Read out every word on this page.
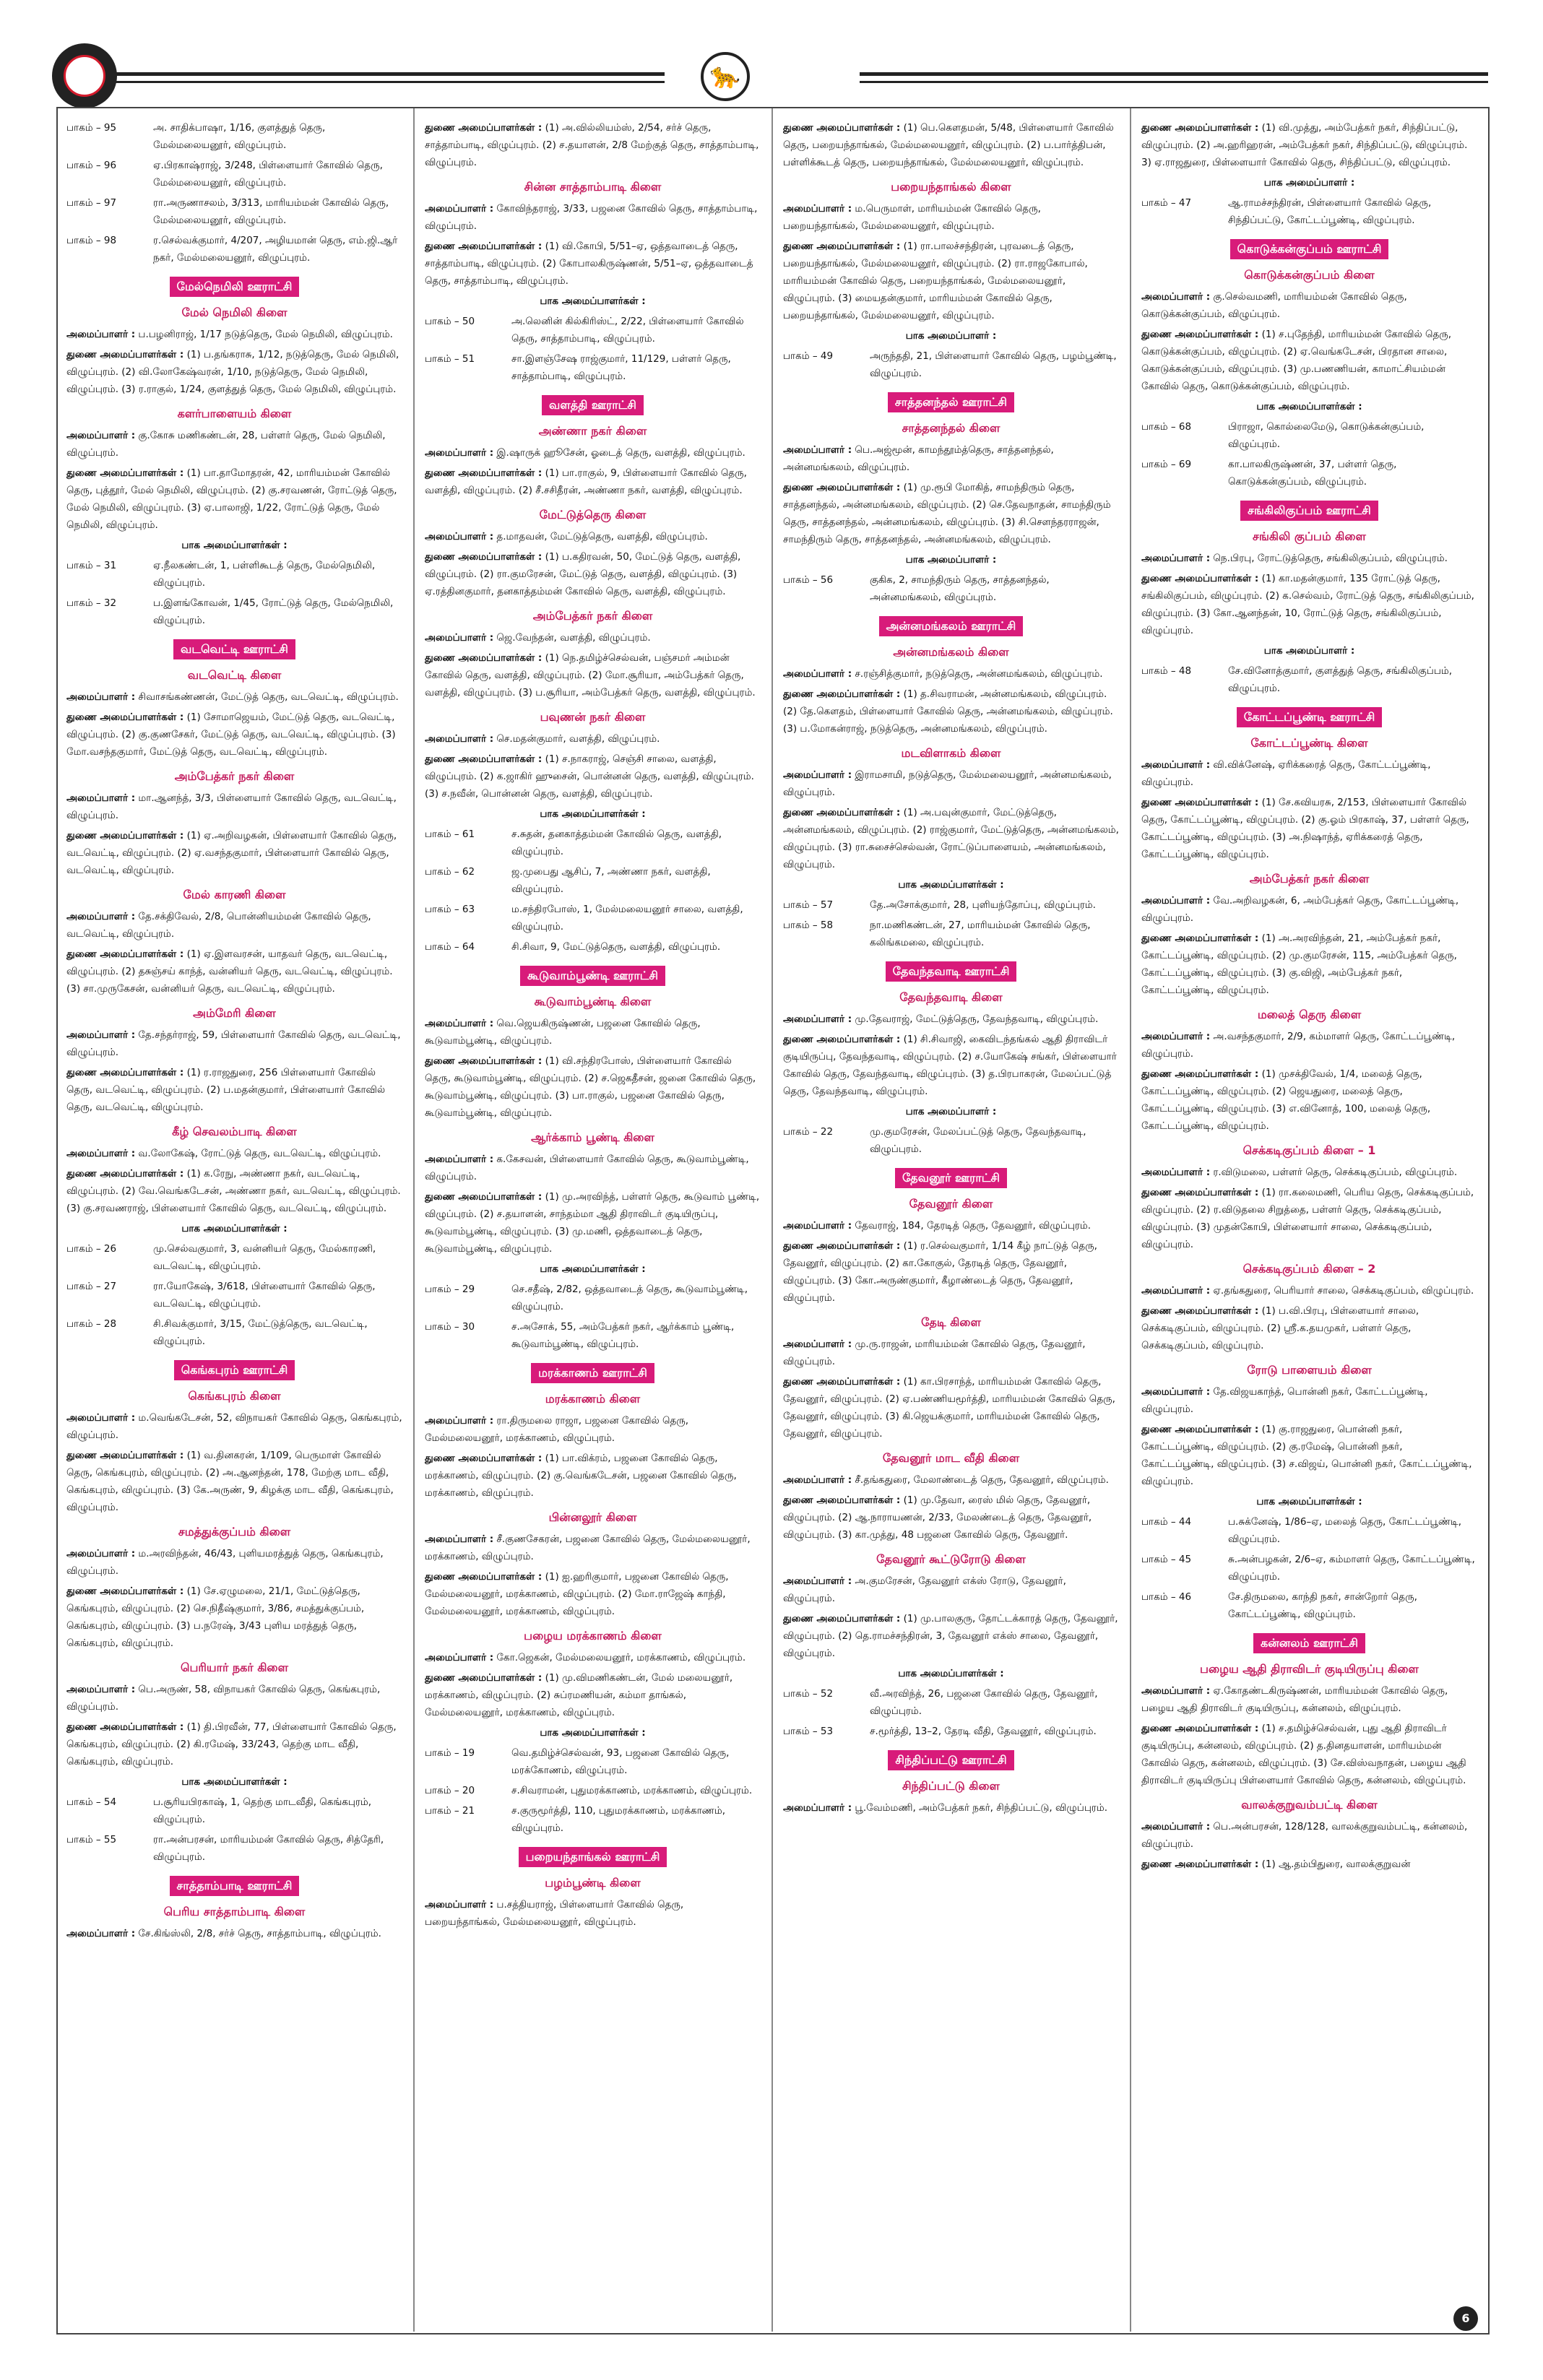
🐆
பாகம் – 95	அ. சாதிக்பாஷா, 1/16, குளத்துத் தெரு, மேல்மலையனூர், விழுப்புரம்.
பாகம் – 96	ஏ.பிரகாஷ்ராஜ், 3/248, பிள்ளையார் கோவில் தெரு, மேல்மலையனூர், விழுப்புரம்.
பாகம் – 97	ரா.அருணாசலம், 3/313, மாரியம்மன் கோவில் தெரு, மேல்மலையனூர், விழுப்புரம்.
பாகம் – 98	ர.செல்வக்குமார், 4/207, அழியமான் தெரு, எம்.ஜி.ஆர் நகர், மேல்மலையனூர், விழுப்புரம்.
மேல்நெமிலி ஊராட்சி
மேல் நெமிலி கிளை

அமைப்பாளர் : ப.பழனிராஜ், 1/17 நடுத்தெரு, மேல் நெமிலி, விழுப்புரம்.

துணை அமைப்பாளர்கள் : (1) ப.தங்கராசு, 1/12, நடுத்தெரு, மேல் நெமிலி, விழுப்புரம். (2) வி.லோகேஷ்வரன், 1/10, நடுத்தெரு, மேல் நெமிலி, விழுப்புரம். (3) ர.ராகுல், 1/24, குளத்துத் தெரு, மேல் நெமிலி, விழுப்புரம்.

களர்பாளையம் கிளை

அமைப்பாளர் : கு.கோசு மணிகண்டன், 28, பள்ளர் தெரு, மேல் நெமிலி, விழுப்புரம்.

துணை அமைப்பாளர்கள் : (1) பா.தாமோதரன், 42, மாரியம்மன் கோவில் தெரு, புத்தூர், மேல் நெமிலி, விழுப்புரம். (2) கு.சரவணன், ரோட்டுத் தெரு, மேல் நெமிலி, விழுப்புரம். (3) ஏ.பாலாஜி, 1/22, ரோட்டுத் தெரு, மேல் நெமிலி, விழுப்புரம்.

பாக அமைப்பாளர்கள் :
பாகம் – 31	ஏ.நீலகண்டன், 1, பள்ளிகூடத் தெரு, மேல்நெமிலி, விழுப்புரம்.
பாகம் – 32	ப.இளங்கோவன், 1/45, ரோட்டுத் தெரு, மேல்நெமிலி, விழுப்புரம்.
வடவெட்டி ஊராட்சி
வடவெட்டி கிளை

அமைப்பாளர் : சிவாசங்கண்ணன், மேட்டுத் தெரு, வடவெட்டி, விழுப்புரம்.

துணை அமைப்பாளர்கள் : (1) சோமாஜெயம், மேட்டுத் தெரு, வடவெட்டி, விழுப்புரம். (2) கு.குணசேகர், மேட்டுத் தெரு, வடவெட்டி, விழுப்புரம். (3) மோ.வசந்தகுமார், மேட்டுத் தெரு, வடவெட்டி, விழுப்புரம்.

அம்பேத்கர் நகர் கிளை

அமைப்பாளர் : மா.ஆனந்த், 3/3, பிள்ளையார் கோவில் தெரு, வடவெட்டி, விழுப்புரம்.

துணை அமைப்பாளர்கள் : (1) ஏ.அறிவழகன், பிள்ளையார் கோவில் தெரு, வடவெட்டி, விழுப்புரம். (2) ஏ.வசந்தகுமார், பிள்ளையார் கோவில் தெரு, வடவெட்டி, விழுப்புரம்.

மேல் காரணி கிளை

அமைப்பாளர் : தே.சக்திவேல், 2/8, பொன்னியம்மன் கோவில் தெரு, வடவெட்டி, விழுப்புரம்.

துணை அமைப்பாளர்கள் : (1) ஏ.இளவரசன், யாதவர் தெரு, வடவெட்டி, விழுப்புரம். (2) தசுஞ்சய் காந்த், வன்னியர் தெரு, வடவெட்டி, விழுப்புரம். (3) சா.முருகேசன், வன்னியர் தெரு, வடவெட்டி, விழுப்புரம்.

அம்மேரி கிளை

அமைப்பாளர் : தே.சந்தர்ராஜ், 59, பிள்ளையார் கோவில் தெரு, வடவெட்டி, விழுப்புரம்.

துணை அமைப்பாளர்கள் : (1) ர.ராஜதுரை, 256 பிள்ளையார் கோவில் தெரு, வடவெட்டி, விழுப்புரம். (2) ப.மதன்குமார், பிள்ளையார் கோவில் தெரு, வடவெட்டி, விழுப்புரம்.

கீழ் செவலம்பாடி கிளை

அமைப்பாளர் : வ.லோகேஷ், ரோட்டுத் தெரு, வடவெட்டி, விழுப்புரம்.

துணை அமைப்பாளர்கள் : (1) க.ரேநு, அண்ணா நகர், வடவெட்டி, விழுப்புரம். (2) வே.வெங்கடேசன், அண்ணா நகர், வடவெட்டி, விழுப்புரம். (3) கு.சரவணராஜ், பிள்ளையார் கோவில் தெரு, வடவெட்டி, விழுப்புரம்.

பாக அமைப்பாளர்கள் :
பாகம் – 26	மு.செல்வகுமார், 3, வன்னியர் தெரு, மேல்காரணி, வடவெட்டி, விழுப்புரம்.
பாகம் – 27	ரா.யோகேஷ், 3/618, பிள்ளையார் கோவில் தெரு, வடவெட்டி, விழுப்புரம்.
பாகம் – 28	சி.சிவக்குமார், 3/15, மேட்டுத்தெரு, வடவெட்டி, விழுப்புரம்.
கெங்கபுரம் ஊராட்சி
கெங்கபுரம் கிளை

அமைப்பாளர் : ம.வெங்கடேசன், 52, விநாயகர் கோவில் தெரு, கெங்கபுரம், விழுப்புரம்.

துணை அமைப்பாளர்கள் : (1) வ.தினகரன், 1/109, பெருமாள் கோவில் தெரு, கெங்கபுரம், விழுப்புரம். (2) அ.ஆனந்தன், 178, மேற்கு மாட வீதி, கெங்கபுரம், விழுப்புரம். (3) கே.அருண், 9, கிழக்கு மாட வீதி, கெங்கபுரம், விழுப்புரம்.

சமத்துக்குப்பம் கிளை

அமைப்பாளர் : ம.அரவிந்தன், 46/43, புளியமரத்துத் தெரு, கெங்கபுரம், விழுப்புரம்.

துணை அமைப்பாளர்கள் : (1) சே.ஏழுமலை, 21/1, மேட்டுத்தெரு, கெங்கபுரம், விழுப்புரம். (2) செ.நிதீஷ்குமார், 3/86, சமத்துக்குப்பம், கெங்கபுரம், விழுப்புரம். (3) ப.நரேஷ், 3/43 புளிய மரத்துத் தெரு, கெங்கபுரம், விழுப்புரம்.

பெரியார் நகர் கிளை

அமைப்பாளர் : பெ.அருண், 58, விநாயகர் கோவில் தெரு, கெங்கபுரம், விழுப்புரம்.

துணை அமைப்பாளர்கள் : (1) தி.பிரவீன், 77, பிள்ளையார் கோவில் தெரு, கெங்கபுரம், விழுப்புரம். (2) கி.ரமேஷ், 33/243, தெற்கு மாட வீதி, கெங்கபுரம், விழுப்புரம்.

பாக அமைப்பாளர்கள் :
பாகம் – 54	ப.சூரியபிரகாஷ், 1, தெற்கு மாடவீதி, கெங்கபுரம், விழுப்புரம்.
பாகம் – 55	ரா.அன்பரசன், மாரியம்மன் கோவில் தெரு, சித்தேரி, விழுப்புரம்.
சாத்தாம்பாடி ஊராட்சி
பெரிய சாத்தாம்பாடி கிளை

அமைப்பாளர் : சே.கிங்ஸ்லி, 2/8, சர்ச் தெரு, சாத்தாம்பாடி, விழுப்புரம்.

துணை அமைப்பாளர்கள் : (1) அ.வில்லியம்ஸ், 2/54, சர்ச் தெரு, சாத்தாம்பாடி, விழுப்புரம். (2) ச.தயாளன், 2/8 மேற்குத் தெரு, சாத்தாம்பாடி, விழுப்புரம்.

சின்ன சாத்தாம்பாடி கிளை

அமைப்பாளர் : கோவிந்தராஜ், 3/33, பஜனை கோவில் தெரு, சாத்தாம்பாடி, விழுப்புரம்.

துணை அமைப்பாளர்கள் : (1) வி.கோபி, 5/51–ஏ, ஒத்தவாடைத் தெரு, சாத்தாம்பாடி, விழுப்புரம். (2) கோபாலகிருஷ்ணன், 5/51–ஏ, ஒத்தவாடைத் தெரு, சாத்தாம்பாடி, விழுப்புரம்.

பாக அமைப்பாளர்கள் :
பாகம் – 50	அ.லெனின் கில்கிரிஸ்ட், 2/22, பிள்ளையார் கோவில் தெரு, சாத்தாம்பாடி, விழுப்புரம்.
பாகம் – 51	சா.இளஞ்சேஷ ராஜ்குமார், 11/129, பள்ளர் தெரு, சாத்தாம்பாடி, விழுப்புரம்.
வளத்தி ஊராட்சி
அண்ணா நகர் கிளை

அமைப்பாளர் : இ.ஷாருக் ஹூசேன், ஓடைத் தெரு, வளத்தி, விழுப்புரம்.

துணை அமைப்பாளர்கள் : (1) பா.ராகுல், 9, பிள்ளையார் கோவில் தெரு, வளத்தி, விழுப்புரம். (2) சீ.சசிதீரன், அண்ணா நகர், வளத்தி, விழுப்புரம்.

மேட்டுத்தெரு கிளை

அமைப்பாளர் : த.மாதவன், மேட்டுத்தெரு, வளத்தி, விழுப்புரம்.

துணை அமைப்பாளர்கள் : (1) ப.கதிரவன், 50, மேட்டுத் தெரு, வளத்தி, விழுப்புரம். (2) ரா.குமரேசன், மேட்டுத் தெரு, வளத்தி, விழுப்புரம். (3) ஏ.ரத்தினகுமார், தனகாத்தம்மன் கோவில் தெரு, வளத்தி, விழுப்புரம்.

அம்பேத்கர் நகர் கிளை

அமைப்பாளர் : ஜெ.வேந்தன், வளத்தி, விழுப்புரம்.

துணை அமைப்பாளர்கள் : (1) நெ.தமிழ்ச்செல்வன், பஞ்சமர் அம்மன் கோவில் தெரு, வளத்தி, விழுப்புரம். (2) மோ.சூரியா, அம்பேத்கர் தெரு, வளத்தி, விழுப்புரம். (3) ப.சூரியா, அம்பேத்கர் தெரு, வளத்தி, விழுப்புரம்.

பவுணன் நகர் கிளை

அமைப்பாளர் : செ.மதன்குமார், வளத்தி, விழுப்புரம்.

துணை அமைப்பாளர்கள் : (1) ச.நாகராஜ், செஞ்சி சாலை, வளத்தி, விழுப்புரம். (2) க.ஜாகிர் ஹுசைன், பொன்னன் தெரு, வளத்தி, விழுப்புரம். (3) ச.நவீன், பொன்னன் தெரு, வளத்தி, விழுப்புரம்.

பாக அமைப்பாளர்கள் :
பாகம் – 61	ச.சுதன், தனகாத்தம்மன் கோவில் தெரு, வளத்தி, விழுப்புரம்.
பாகம் – 62	ஜ.முபைது ஆசிப், 7, அண்ணா நகர், வளத்தி, விழுப்புரம்.
பாகம் – 63	ம.சந்திரபோஸ், 1, மேல்மலையனூர் சாலை, வளத்தி, விழுப்புரம்.
பாகம் – 64	சி.சிவா, 9, மேட்டுத்தெரு, வளத்தி, விழுப்புரம்.
கூடுவாம்பூண்டி ஊராட்சி
கூடுவாம்பூண்டி கிளை

அமைப்பாளர் : வெ.ஜெயகிருஷ்ணன், பஜனை கோவில் தெரு, கூடுவாம்பூண்டி, விழுப்புரம்.

துணை அமைப்பாளர்கள் : (1) வி.சந்திரபோஸ், பிள்ளையார் கோவில் தெரு, கூடுவாம்பூண்டி, விழுப்புரம். (2) ச.ஜெகதீசன், ஜனை கோவில் தெரு, கூடுவாம்பூண்டி, விழுப்புரம். (3) பா.ராகுல், பஜனை கோவில் தெரு, கூடுவாம்பூண்டி, விழுப்புரம்.

ஆர்க்காம் பூண்டி கிளை

அமைப்பாளர் : க.கேசவன், பிள்ளையார் கோவில் தெரு, கூடுவாம்பூண்டி, விழுப்புரம்.

துணை அமைப்பாளர்கள் : (1) மு.அரவிந்த், பள்ளர் தெரு, கூடுவாம் பூண்டி, விழுப்புரம். (2) ச.தயாளன், சாந்தம்மா ஆதி திராவிடர் குடியிருப்பு, கூடுவாம்பூண்டி, விழுப்புரம். (3) மு.மணி, ஒத்தவாடைத் தெரு, கூடுவாம்பூண்டி, விழுப்புரம்.

பாக அமைப்பாளர்கள் :
பாகம் – 29	செ.சதீஷ், 2/82, ஒத்தவாடைத் தெரு, கூடுவாம்பூண்டி, விழுப்புரம்.
பாகம் – 30	ச.அசோக், 55, அம்பேத்கர் நகர், ஆர்க்காம் பூண்டி, கூடுவாம்பூண்டி, விழுப்புரம்.
மரக்காணம் ஊராட்சி
மரக்காணம் கிளை

அமைப்பாளர் : ரா.திருமலை ராஜா, பஜனை கோவில் தெரு, மேல்மலையனூர், மரக்காணம், விழுப்புரம்.

துணை அமைப்பாளர்கள் : (1) பா.விக்ரம், பஜனை கோவில் தெரு, மரக்காணம், விழுப்புரம். (2) கு.வெங்கடேசன், பஜனை கோவில் தெரு, மரக்காணம், விழுப்புரம்.

பின்னலூர் கிளை

அமைப்பாளர் : சீ.குணசேகரன், பஜனை கோவில் தெரு, மேல்மலையனூர், மரக்காணம், விழுப்புரம்.

துணை அமைப்பாளர்கள் : (1) ஐ.ஹரிகுமார், பஜனை கோவில் தெரு, மேல்மலையனூர், மரக்காணம், விழுப்புரம். (2) மோ.ராஜேஷ் காந்தி, மேல்மலையனூர், மரக்காணம், விழுப்புரம்.

பழைய மரக்காணம் கிளை

அமைப்பாளர் : கோ.ஜெகன், மேல்மலையனூர், மரக்காணம், விழுப்புரம்.

துணை அமைப்பாளர்கள் : (1) மு.விமணிகண்டன், மேல் மலையனூர், மரக்காணம், விழுப்புரம். (2) சுப்ரமணியன், கம்மா தாங்கல், மேல்மலையனூர், மரக்காணம், விழுப்புரம்.

பாக அமைப்பாளர்கள் :
பாகம் – 19	வெ.தமிழ்ச்செல்வன், 93, பஜனை கோவில் தெரு, மரக்கோணம், விழுப்புரம்.
பாகம் – 20	ச.சிவராமன், புதுமரக்காணம், மரக்காணம், விழுப்புரம்.
பாகம் – 21	ச.குருமூர்த்தி, 110, புதுமரக்காணம், மரக்காணம், விழுப்புரம்.
பறையந்தாங்கல் ஊராட்சி
பழம்பூண்டி கிளை

அமைப்பாளர் : ப.சத்தியராஜ், பிள்ளையார் கோவில் தெரு, பறையந்தாங்கல், மேல்மலையனூர், விழுப்புரம்.

துணை அமைப்பாளர்கள் : (1) பெ.கௌதமன், 5/48, பிள்ளையார் கோவில் தெரு, பறையந்தாங்கல், மேல்மலையனூர், விழுப்புரம். (2) ப.பார்த்திபன், பள்ளிக்கூடத் தெரு, பறையந்தாங்கல், மேல்மலையனூர், விழுப்புரம்.

பறையந்தாங்கல் கிளை

அமைப்பாளர் : ம.பெருமாள், மாரியம்மன் கோவில் தெரு, பறையந்தாங்கல், மேல்மலையனூர், விழுப்புரம்.

துணை அமைப்பாளர்கள் : (1) ரா.பாலச்சந்திரன், புரவடைத் தெரு, பறையந்தாங்கல், மேல்மலையனூர், விழுப்புரம். (2) ரா.ராஜகோபால், மாரியம்மன் கோவில் தெரு, பறையந்தாங்கல், மேல்மலையனூர், விழுப்புரம். (3) மையதன்குமார், மாரியம்மன் கோவில் தெரு, பறையந்தாங்கல், மேல்மலையனூர், விழுப்புரம்.

பாக அமைப்பாளர் :
பாகம் – 49	அருந்ததி, 21, பிள்ளையார் கோவில் தெரு, பழம்பூண்டி, விழுப்புரம்.
சாத்தனந்தல் ஊராட்சி
சாத்தனந்தல் கிளை

அமைப்பாளர் : பெ.அஜ்மூன், காமந்தூம்த்தெரு, சாத்தனந்தல், அன்னமங்கலம், விழுப்புரம்.

துணை அமைப்பாளர்கள் : (1) மு.ரூபி மோகித், சாமந்திரும் தெரு, சாத்தனந்தல், அன்னமங்கலம், விழுப்புரம். (2) செ.தேவநாதன், சாமந்திரும் தெரு, சாத்தனந்தல், அன்னமங்கலம், விழுப்புரம். (3) சி.செளந்தரராஜன், சாமந்திரும் தெரு, சாத்தனந்தல், அன்னமங்கலம், விழுப்புரம்.

பாக அமைப்பாளர் :
பாகம் – 56	குகிக, 2, சாமந்திரும் தெரு, சாத்தனந்தல், அன்னமங்கலம், விழுப்புரம்.
அன்னமங்கலம் ஊராட்சி
அன்னமங்கலம் கிளை

அமைப்பாளர் : ச.ரஞ்சித்குமார், நடுத்தெரு, அன்னமங்கலம், விழுப்புரம்.

துணை அமைப்பாளர்கள் : (1) த.சிவராமன், அன்னமங்கலம், விழுப்புரம். (2) தே.கௌதம், பிள்ளையார் கோவில் தெரு, அன்னமங்கலம், விழுப்புரம். (3) ப.மோகன்ராஜ், நடுத்தெரு, அன்னமங்கலம், விழுப்புரம்.

மடவிளாகம் கிளை

அமைப்பாளர் : இராமசாமி, நடுத்தெரு, மேல்மலையனூர், அன்னமங்கலம், விழுப்புரம்.

துணை அமைப்பாளர்கள் : (1) அ.பவுன்குமார், மேட்டுத்தெரு, அன்னமங்கலம், விழுப்புரம். (2) ராஜ்குமார், மேட்டுத்தெரு, அன்னமங்கலம், விழுப்புரம். (3) ரா.சுசைச்செல்வன், ரோட்டுப்பாளையம், அன்னமங்கலம், விழுப்புரம்.

பாக அமைப்பாளர்கள் :
பாகம் – 57	தே.அசோக்குமார், 28, புளியந்தோப்பு, விழுப்புரம்.
பாகம் – 58	நா.மணிகண்டன், 27, மாரியம்மன் கோவில் தெரு, கலிங்கமலை, விழுப்புரம்.
தேவந்தவாடி ஊராட்சி
தேவந்தவாடி கிளை

அமைப்பாளர் : மு.தேவராஜ், மேட்டுத்தெரு, தேவந்தவாடி, விழுப்புரம்.

துணை அமைப்பாளர்கள் : (1) சி.சிவாஜி, கைவிடந்தங்கல் ஆதி திராவிடர் குடியிருப்பு, தேவந்தவாடி, விழுப்புரம். (2) ச.யோகேஷ் சங்கர், பிள்ளையார் கோவில் தெரு, தேவந்தவாடி, விழுப்புரம். (3) த.பிரபாகரன், மேலப்பட்டுத் தெரு, தேவந்தவாடி, விழுப்புரம்.

பாக அமைப்பாளர் :
பாகம் – 22	மு.குமரேசன், மேலப்பட்டுத் தெரு, தேவந்தவாடி, விழுப்புரம்.
தேவனூர் ஊராட்சி
தேவனூர் கிளை

அமைப்பாளர் : தேவராஜ், 184, தேரடித் தெரு, தேவனூர், விழுப்புரம்.

துணை அமைப்பாளர்கள் : (1) ர.செல்வகுமார், 1/14 கீழ் நாட்டுத் தெரு, தேவனூர், விழுப்புரம். (2) கா.கோகுல், தேரடித் தெரு, தேவனூர், விழுப்புரம். (3) கோ.அருண்குமார், கீழாண்டைத் தெரு, தேவனூர், விழுப்புரம்.

தேடி கிளை

அமைப்பாளர் : மு.ரு.ராஜன், மாரியம்மன் கோவில் தெரு, தேவனூர், விழுப்புரம்.

துணை அமைப்பாளர்கள் : (1) கா.பிரசாந்த், மாரியம்மன் கோவில் தெரு, தேவனூர், விழுப்புரம். (2) ஏ.பண்ணியமூர்த்தி, மாரியம்மன் கோவில் தெரு, தேவனூர், விழுப்புரம். (3) கி.ஜெயக்குமார், மாரியம்மன் கோவில் தெரு, தேவனூர், விழுப்புரம்.

தேவனூர் மாட வீதி கிளை

அமைப்பாளர் : சீ.தங்கதுரை, மேலாண்டைத் தெரு, தேவனூர், விழுப்புரம்.

துணை அமைப்பாளர்கள் : (1) மு.தேவா, ரைஸ் மில் தெரு, தேவனூர், விழுப்புரம். (2) ஆ.நாராயணன், 2/33, மேலண்டைத் தெரு, தேவனூர், விழுப்புரம். (3) கா.முத்து, 48 பஜனை கோவில் தெரு, தேவனூர்.

தேவனூர் கூட்டுரோடு கிளை

அமைப்பாளர் : அ.குமரேசன், தேவனூர் எக்ஸ் ரோடு, தேவனூர், விழுப்புரம்.

துணை அமைப்பாளர்கள் : (1) மு.பாலகுரு, தோட்டக்காரத் தெரு, தேவனூர், விழுப்புரம். (2) தெ.ராமச்சந்திரன், 3, தேவனூர் எக்ஸ் சாலை, தேவனூர், விழுப்புரம்.

பாக அமைப்பாளர்கள் :
பாகம் – 52	வீ.அரவிந்த், 26, பஜனை கோவில் தெரு, தேவனூர், விழுப்புரம்.
பாகம் – 53	ச.மூர்த்தி, 13–2, தேரடி வீதி, தேவனூர், விழுப்புரம்.
சிந்திப்பட்டு ஊராட்சி
சிந்திப்பட்டு கிளை

அமைப்பாளர் : பூ.வேம்மணி, அம்பேத்கர் நகர், சிந்திப்பட்டு, விழுப்புரம்.

துணை அமைப்பாளர்கள் : (1) வி.முத்து, அம்பேத்கர் நகர், சிந்திப்பட்டு, விழுப்புரம். (2) அ.ஹரிஹரன், அம்பேத்கர் நகர், சிந்திப்பட்டு, விழுப்புரம். 3) ஏ.ராஜதுரை, பிள்ளையார் கோவில் தெரு, சிந்திப்பட்டு, விழுப்புரம்.

பாக அமைப்பாளர் :
பாகம் – 47	ஆ.ராமச்சந்திரன், பிள்ளையார் கோவில் தெரு, சிந்திப்பட்டு, கோட்டப்பூண்டி, விழுப்புரம்.
கொடுக்கன்குப்பம் ஊராட்சி
கொடுக்கன்குப்பம் கிளை

அமைப்பாளர் : கு.செல்வமணி, மாரியம்மன் கோவில் தெரு, கொடுக்கன்குப்பம், விழுப்புரம்.

துணை அமைப்பாளர்கள் : (1) ச.புதேந்தி, மாரியம்மன் கோவில் தெரு, கொடுக்கன்குப்பம், விழுப்புரம். (2) ஏ.வெங்கடேசன், பிரதான சாலை, கொடுக்கன்குப்பம், விழுப்புரம். (3) மு.பணணியன், காமாட்சியம்மன் கோவில் தெரு, கொடுக்கன்குப்பம், விழுப்புரம்.

பாக அமைப்பாளர்கள் :
பாகம் – 68	பிராஜா, கொல்லைமேடு, கொடுக்கன்குப்பம், விழுப்புரம்.
பாகம் – 69	கா.பாலகிருஷ்ணன், 37, பள்ளர் தெரு, கொடுக்கன்குப்பம், விழுப்புரம்.
சங்கிலிகுப்பம் ஊராட்சி
சங்கிலி குப்பம் கிளை

அமைப்பாளர் : நெ.பிரபு, ரோட்டுத்தெரு, சங்கிலிகுப்பம், விழுப்புரம்.

துணை அமைப்பாளர்கள் : (1) கா.மதன்குமார், 135 ரோட்டுத் தெரு, சங்கிலிகுப்பம், விழுப்புரம். (2) க.செல்வம், ரோட்டுத் தெரு, சங்கிலிகுப்பம், விழுப்புரம். (3) கோ.ஆனந்தன், 10, ரோட்டுத் தெரு, சங்கிலிகுப்பம், விழுப்புரம்.

பாக அமைப்பாளர் :
பாகம் – 48	சே.வினோத்குமார், குளத்துத் தெரு, சங்கிலிகுப்பம், விழுப்புரம்.
கோட்டப்பூண்டி ஊராட்சி
கோட்டப்பூண்டி கிளை

அமைப்பாளர் : வி.விக்னேஷ், ஏரிக்கரைத் தெரு, கோட்டப்பூண்டி, விழுப்புரம்.

துணை அமைப்பாளர்கள் : (1) சே.கவியரசு, 2/153, பிள்ளையார் கோவில் தெரு, கோட்டப்பூண்டி, விழுப்புரம். (2) கு.ஓம் பிரகாஷ், 37, பள்ளர் தெரு, கோட்டப்பூண்டி, விழுப்புரம். (3) அ.நிஷாந்த், ஏரிக்கரைத் தெரு, கோட்டப்பூண்டி, விழுப்புரம்.

அம்பேத்கர் நகர் கிளை

அமைப்பாளர் : வே.அறிவழகன், 6, அம்பேத்கர் தெரு, கோட்டப்பூண்டி, விழுப்புரம்.

துணை அமைப்பாளர்கள் : (1) அ.அரவிந்தன், 21, அம்பேத்கர் நகர், கோட்டப்பூண்டி, விழுப்புரம். (2) மு.குமரேசன், 115, அம்பேத்கர் தெரு, கோட்டப்பூண்டி, விழுப்புரம். (3) கு.விஜி, அம்பேத்கர் நகர், கோட்டப்பூண்டி, விழுப்புரம்.

மலைத் தெரு கிளை

அமைப்பாளர் : அ.வசந்தகுமார், 2/9, கம்மாளர் தெரு, கோட்டப்பூண்டி, விழுப்புரம்.

துணை அமைப்பாளர்கள் : (1) முசக்திவேல், 1/4, மலைத் தெரு, கோட்டப்பூண்டி, விழுப்புரம். (2) ஜெயதுரை, மலைத் தெரு, கோட்டப்பூண்டி, விழுப்புரம். (3) எ.வினோத், 100, மலைத் தெரு, கோட்டப்பூண்டி, விழுப்புரம்.

செக்கடிகுப்பம் கிளை – 1

அமைப்பாளர் : ர.விடுமலை, பள்ளர் தெரு, செக்கடிகுப்பம், விழுப்புரம்.

துணை அமைப்பாளர்கள் : (1) ரா.கலைமணி, பெரிய தெரு, செக்கடிகுப்பம், விழுப்புரம். (2) ர.விடுதலை சிறுத்தை, பள்ளர் தெரு, செக்கடிகுப்பம், விழுப்புரம். (3) முதன்கோபி, பிள்ளையார் சாலை, செக்கடிகுப்பம், விழுப்புரம்.

செக்கடிகுப்பம் கிளை – 2

அமைப்பாளர் : ஏ.தங்கதுரை, பெரியார் சாலை, செக்கடிகுப்பம், விழுப்புரம்.

துணை அமைப்பாளர்கள் : (1) ப.வி.பிரபு, பிள்ளையார் சாலை, செக்கடிகுப்பம், விழுப்புரம். (2) ஸ்ரீ.க.தயமுகர், பள்ளர் தெரு, செக்கடிகுப்பம், விழுப்புரம்.

ரோடு பாளையம் கிளை

அமைப்பாளர் : தே.விஜயகாந்த், பொன்னி நகர், கோட்டப்பூண்டி, விழுப்புரம்.

துணை அமைப்பாளர்கள் : (1) கு.ராஜதுரை, பொன்னி நகர், கோட்டப்பூண்டி, விழுப்புரம். (2) கு.ரமேஷ், பொன்னி நகர், கோட்டப்பூண்டி, விழுப்புரம். (3) ச.விஜய், பொன்னி நகர், கோட்டப்பூண்டி, விழுப்புரம்.

பாக அமைப்பாளர்கள் :
பாகம் – 44	ப.சுக்னேஷ், 1/86–ஏ, மலைத் தெரு, கோட்டப்பூண்டி, விழுப்புரம்.
பாகம் – 45	சு.அன்பழகன், 2/6–ஏ, கம்மாளர் தெரு, கோட்டப்பூண்டி, விழுப்புரம்.
பாகம் – 46	சே.திருமலை, காந்தி நகர், சான்றோர் தெரு, கோட்டப்பூண்டி, விழுப்புரம்.
கன்னலம் ஊராட்சி
பழைய ஆதி திராவிடர் குடியிருப்பு கிளை

அமைப்பாளர் : ஏ.கோதண்டகிருஷ்ணன், மாரியம்மன் கோவில் தெரு, பழைய ஆதி திராவிடர் குடியிருப்பு, கன்னலம், விழுப்புரம்.

துணை அமைப்பாளர்கள் : (1) ச.தமிழ்ச்செல்வன், புது ஆதி திராவிடர் குடியிருப்பு, கன்னலம், விழுப்புரம். (2) த.தினதயாளன், மாரியம்மன் கோவில் தெரு, கன்னலம், விழுப்புரம். (3) சே.விஸ்வநாதன், பழைய ஆதி திராவிடர் குடியிருப்பு பிள்ளையார் கோவில் தெரு, கன்னலம், விழுப்புரம்.

வாலக்குறுவம்பட்டி கிளை

அமைப்பாளர் : பெ.அன்பரசன், 128/128, வாலக்குறுவம்பட்டி, கன்னலம், விழுப்புரம்.

துணை அமைப்பாளர்கள் : (1) ஆ.தம்பிதுரை, வாலக்குறுவன்

6
